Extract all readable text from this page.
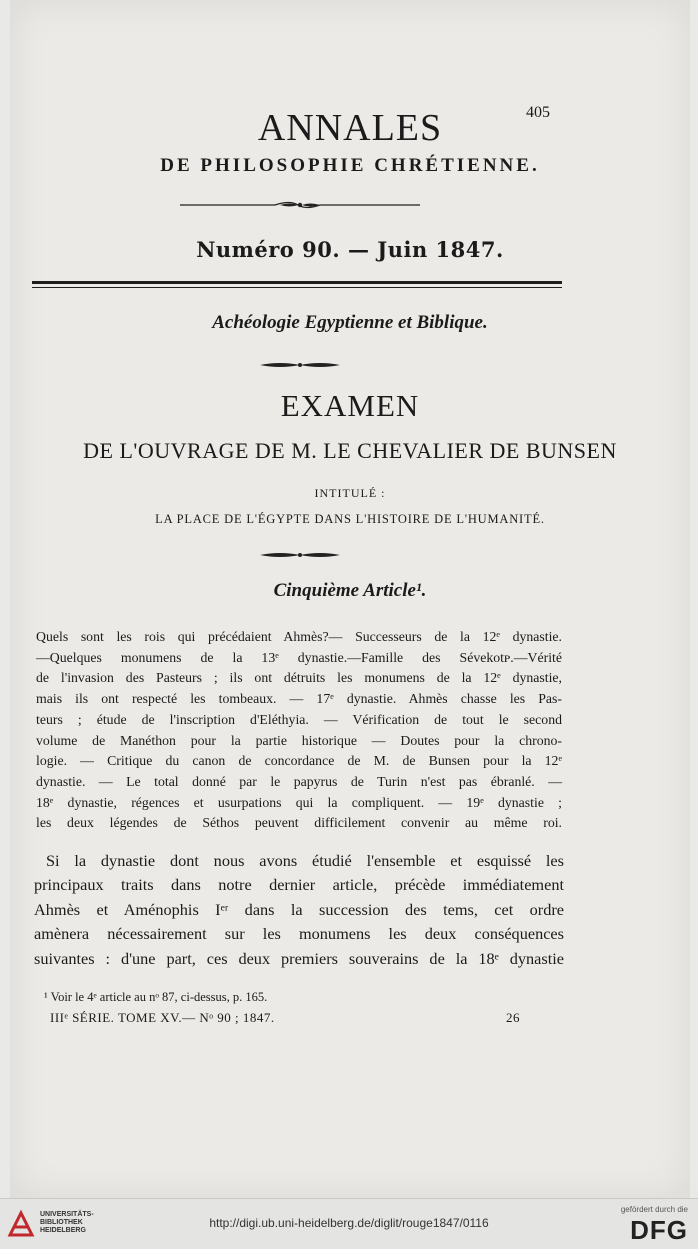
ANNALES	405
DE PHILOSOPHIE CHRÉTIENNE.
Numéro 90. — Juin 1847.
Achéologie Egyptienne et Biblique.
EXAMEN
DE L'OUVRAGE DE M. LE CHEVALIER DE BUNSEN
INTITULÉ :
LA PLACE DE L'ÉGYPTE DANS L'HISTOIRE DE L'HUMANITÉ.
Cinquième Article¹.
Quels sont les rois qui précédaient Ahmès?— Successeurs de la 12ᵉ dynastie.
—Quelques monumens de la 13ᵉ dynastie.—Famille des Sévekotᴘ.—Vérité
de l'invasion des Pasteurs ; ils ont détruits les monumens de la 12ᵉ dynastie,
mais ils ont respecté les tombeaux. — 17ᵉ dynastie. Ahmès chasse les Pas-
teurs ; étude de l'inscription d'Eléthyia. — Vérification de tout le second
volume de Manéthon pour la partie historique — Doutes pour la chrono-
logie. — Critique du canon de concordance de M. de Bunsen pour la 12ᵉ
dynastie. — Le total donné par le papyrus de Turin n'est pas ébranlé. —
18ᵉ dynastie, régences et usurpations qui la compliquent. — 19ᵉ dynastie ;
les deux légendes de Séthos peuvent difficilement convenir au même roi.
Si la dynastie dont nous avons étudié l'ensemble et esquissé les
principaux traits dans notre dernier article, précède immédiatement
Ahmès et Aménophis Iᵉʳ dans la succession des tems, cet ordre
amènera nécessairement sur les monumens les deux conséquences
suivantes : d'une part, ces deux premiers souverains de la 18ᵉ dynastie
¹ Voir le 4ᵉ article au nᵒ 87, ci-dessus, p. 165.
IIIᵉ SÉRIE. TOME XV.— Nᵒ 90 ; 1847.	26
UNIVERSITÄTS-
BIBLIOTHEK
HEIDELBERG
http://digi.ub.uni-heidelberg.de/diglit/rouge1847/0116
gefördert durch die
DFG
